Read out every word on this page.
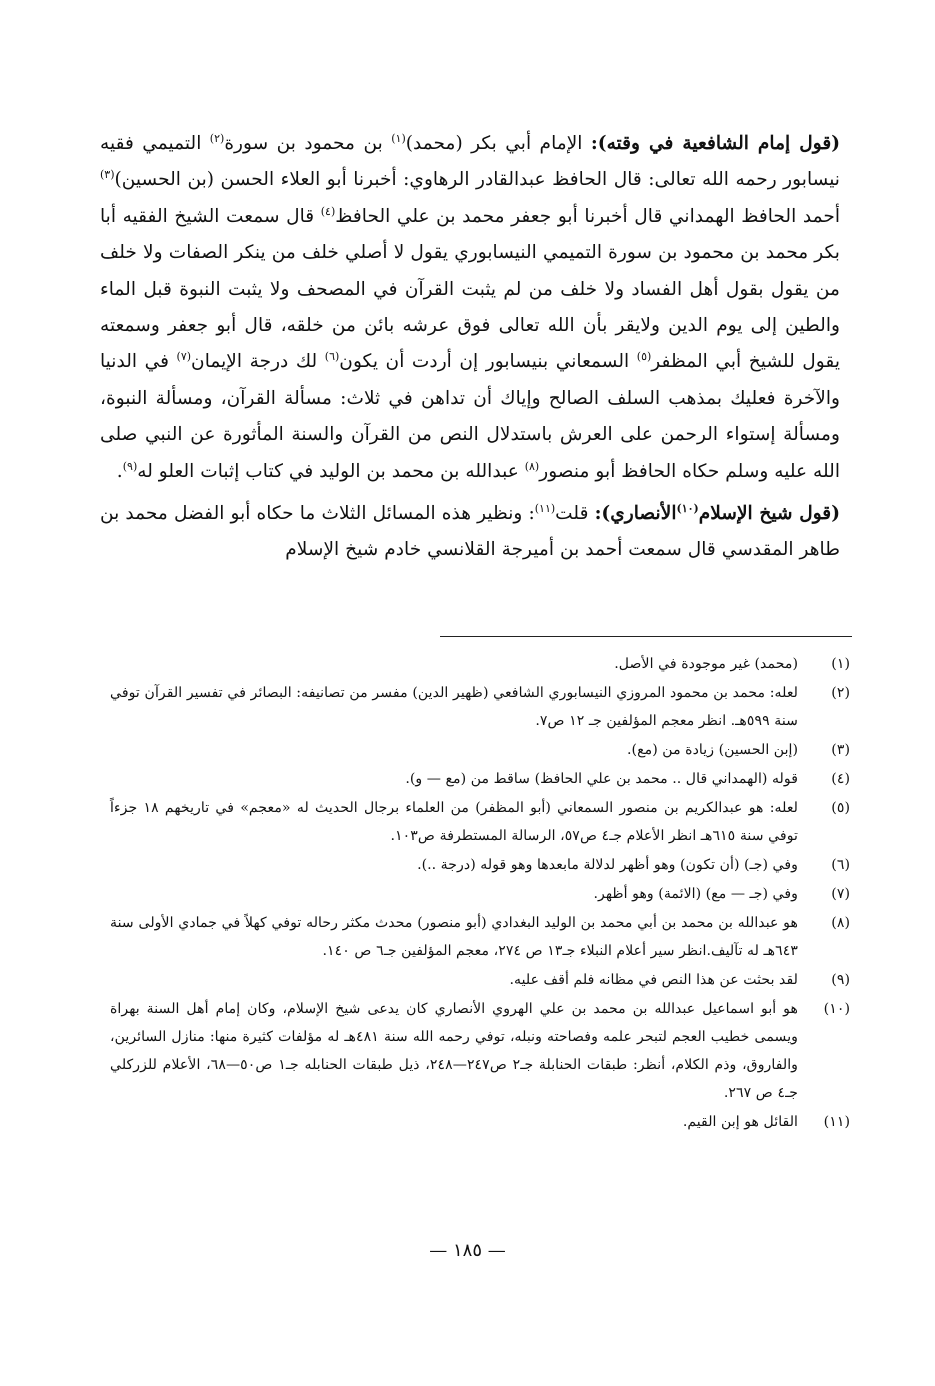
(قول إمام الشافعية في وقته): الإمام أبي بكر (محمد)$^{(١)}$ بن محمود بن سورة$^{(٢)}$ التميمي فقيه نيسابور رحمه الله تعالى: قال الحافظ عبدالقادر الرهاوي: أخبرنا أبو العلاء الحسن (بن الحسين)$^{(٣)}$ أحمد الحافظ الهمداني قال أخبرنا أبو جعفر محمد بن علي الحافظ$^{(٤)}$ قال سمعت الشيخ الفقيه أبا بكر محمد بن محمود بن سورة التميمي النيسابوري يقول لا أصلي خلف من ينكر الصفات ولا خلف من يقول بقول أهل الفساد ولا خلف من لم يثبت القرآن في المصحف ولا يثبت النبوة قبل الماء والطين إلى يوم الدين ولايقر بأن الله تعالى فوق عرشه بائن من خلقه، قال أبو جعفر وسمعته يقول للشيخ أبي المظفر$^{(٥)}$ السمعاني بنيسابور إن أردت أن يكون$^{(٦)}$ لك درجة الإيمان$^{(٧)}$ في الدنيا والآخرة فعليك بمذهب السلف الصالح وإياك أن تداهن في ثلاث: مسألة القرآن، ومسألة النبوة، ومسألة إستواء الرحمن على العرش باستدلال النص من القرآن والسنة المأثورة عن النبي صلى الله عليه وسلم حكاه الحافظ أبو منصور$^{(٨)}$ عبدالله بن محمد بن الوليد في كتاب إثبات العلو له$^{(٩)}$.

(قول شيخ الإسلام$^{(١٠)}$الأنصاري): قلت$^{(١١)}$: ونظير هذه المسائل الثلاث ما حكاه أبو الفضل محمد بن طاهر المقدسي قال سمعت أحمد بن أميرجة القلانسي خادم شيخ الإسلام

(١)
(محمد) غير موجودة في الأصل.
(٢)
لعله: محمد بن محمود المروزي النيسابوري الشافعي (ظهير الدين) مفسر من تصانيفه: البصائر في تفسير القرآن توفي سنة ٥٩٩هـ. انظر معجم المؤلفين جـ ١٢ ص٧.
(٣)
(إبن الحسين) زيادة من (مع).
(٤)
قوله (الهمداني قال .. محمد بن علي الحافظ) ساقط من (مع — و).
(٥)
لعله: هو عبدالكريم بن منصور السمعاني (أبو المظفر) من العلماء برجال الحديث له «معجم» في تاريخهم ١٨ جزءاً توفي سنة ٦١٥هـ انظر الأعلام جـ٤ ص٥٧، الرسالة المستطرفة ص١٠٣.
(٦)
وفي (جـ) (أن تكون) وهو أظهر لدلالة مابعدها وهو قوله (درجة ..).
(٧)
وفي (جـ — مع) (الائمة) وهو أظهر.
(٨)
هو عبدالله بن محمد بن أبي محمد بن الوليد البغدادي (أبو منصور) محدث مكثر رحاله توفي كهلاً في جمادي الأولى سنة ٦٤٣هـ له تآليف.انظر سير أعلام النبلاء جـ١٣ ص ٢٧٤، معجم المؤلفين جـ٦ ص ١٤٠.
(٩)
لقد بحثت عن هذا النص في مظانه فلم أقف عليه.
(١٠)
هو أبو اسماعيل عبدالله بن محمد بن علي الهروي الأنصاري كان يدعى شيخ الإسلام، وكان إمام أهل السنة بهراة ويسمى خطيب العجم لتبحر علمه وفصاحته ونبله، توفي رحمه الله سنة ٤٨١هـ له مؤلفات كثيرة منها: منازل السائرين، والفاروق، وذم الكلام، أنظر: طبقات الحنابلة جـ٢ ص٢٤٧—٢٤٨، ذيل طبقات الحنابله جـ١ ص٥٠—٦٨، الأعلام للزركلي جـ٤ ص ٢٦٧.
(١١)
القائل هو إبن القيم.
— ١٨٥ —
